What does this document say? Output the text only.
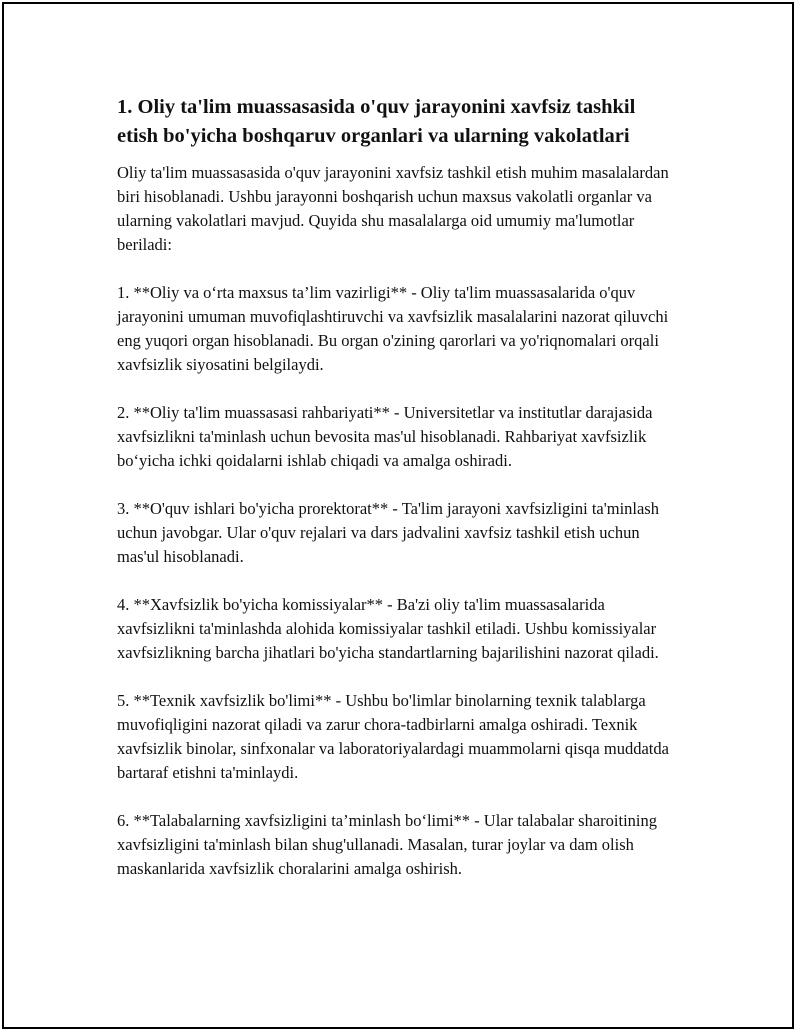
1. Oliy ta'lim muassasasida o'quv jarayonini xavfsiz tashkil
etish bo'yicha boshqaruv organlari va ularning vakolatlari

Oliy ta'lim muassasasida o'quv jarayonini xavfsiz tashkil etish muhim masalalardan biri hisoblanadi. Ushbu jarayonni boshqarish uchun maxsus vakolatli organlar va ularning vakolatlari mavjud. Quyida shu masalalarga oid umumiy ma'lumotlar beriladi:

1. **Oliy va o‘rta maxsus ta’lim vazirligi** - Oliy ta'lim muassasalarida o'quv jarayonini umuman muvofiqlashtiruvchi va xavfsizlik masalalarini nazorat qiluvchi eng yuqori organ hisoblanadi. Bu organ o'zining qarorlari va yo'riqnomalari orqali xavfsizlik siyosatini belgilaydi.

2. **Oliy ta'lim muassasasi rahbariyati** - Universitetlar va institutlar darajasida xavfsizlikni ta'minlash uchun bevosita mas'ul hisoblanadi. Rahbariyat xavfsizlik bo‘yicha ichki qoidalarni ishlab chiqadi va amalga oshiradi.

3. **O'quv ishlari bo'yicha prorektorat** - Ta'lim jarayoni xavfsizligini ta'minlash uchun javobgar. Ular o'quv rejalari va dars jadvalini xavfsiz tashkil etish uchun mas'ul hisoblanadi.

4. **Xavfsizlik bo'yicha komissiyalar** - Ba'zi oliy ta'lim muassasalarida xavfsizlikni ta'minlashda alohida komissiyalar tashkil etiladi. Ushbu komissiyalar xavfsizlikning barcha jihatlari bo'yicha standartlarning bajarilishini nazorat qiladi.

5. **Texnik xavfsizlik bo'limi** - Ushbu bo'limlar binolarning texnik talablarga muvofiqligini nazorat qiladi va zarur chora-tadbirlarni amalga oshiradi. Texnik xavfsizlik binolar, sinfxonalar va laboratoriyalardagi muammolarni qisqa muddatda bartaraf etishni ta'minlaydi.

6. **Talabalarning xavfsizligini ta’minlash bo‘limi** - Ular talabalar sharoitining xavfsizligini ta'minlash bilan shug'ullanadi. Masalan, turar joylar va dam olish maskanlarida xavfsizlik choralarini amalga oshirish.
